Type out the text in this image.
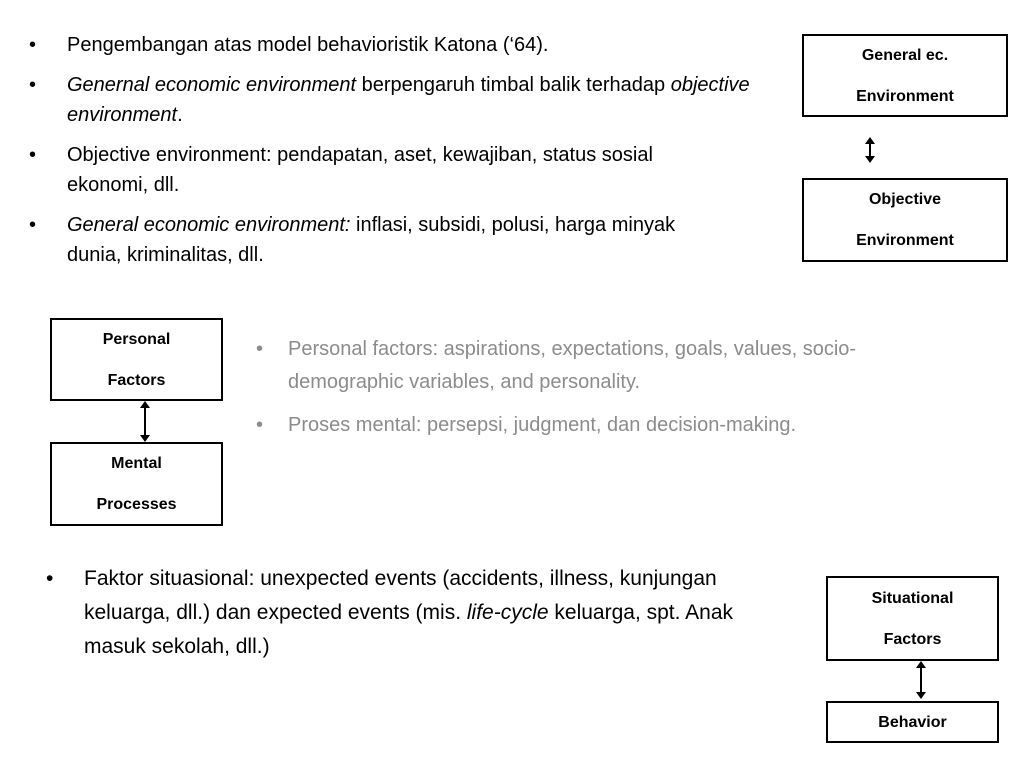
• Pengembangan atas model behavioristik Katona (‘64).
• Genernal economic environment berpengaruh timbal balik terhadap objective environment.
• Objective environment: pendapatan, aset, kewajiban, status sosial ekonomi, dll.
• General economic environment: inflasi, subsidi, polusi, harga minyak dunia, kriminalitas, dll.
General ec.
Environment
Objective
Environment
Personal
Factors
Mental
Processes
• Personal factors: aspirations, expectations, goals, values, socio-demographic variables, and personality.
• Proses mental: persepsi, judgment, dan decision-making.
• Faktor situasional: unexpected events (accidents, illness, kunjungan keluarga, dll.) dan expected events (mis. life-cycle keluarga, spt. Anak masuk sekolah, dll.)
Situational
Factors
Behavior
